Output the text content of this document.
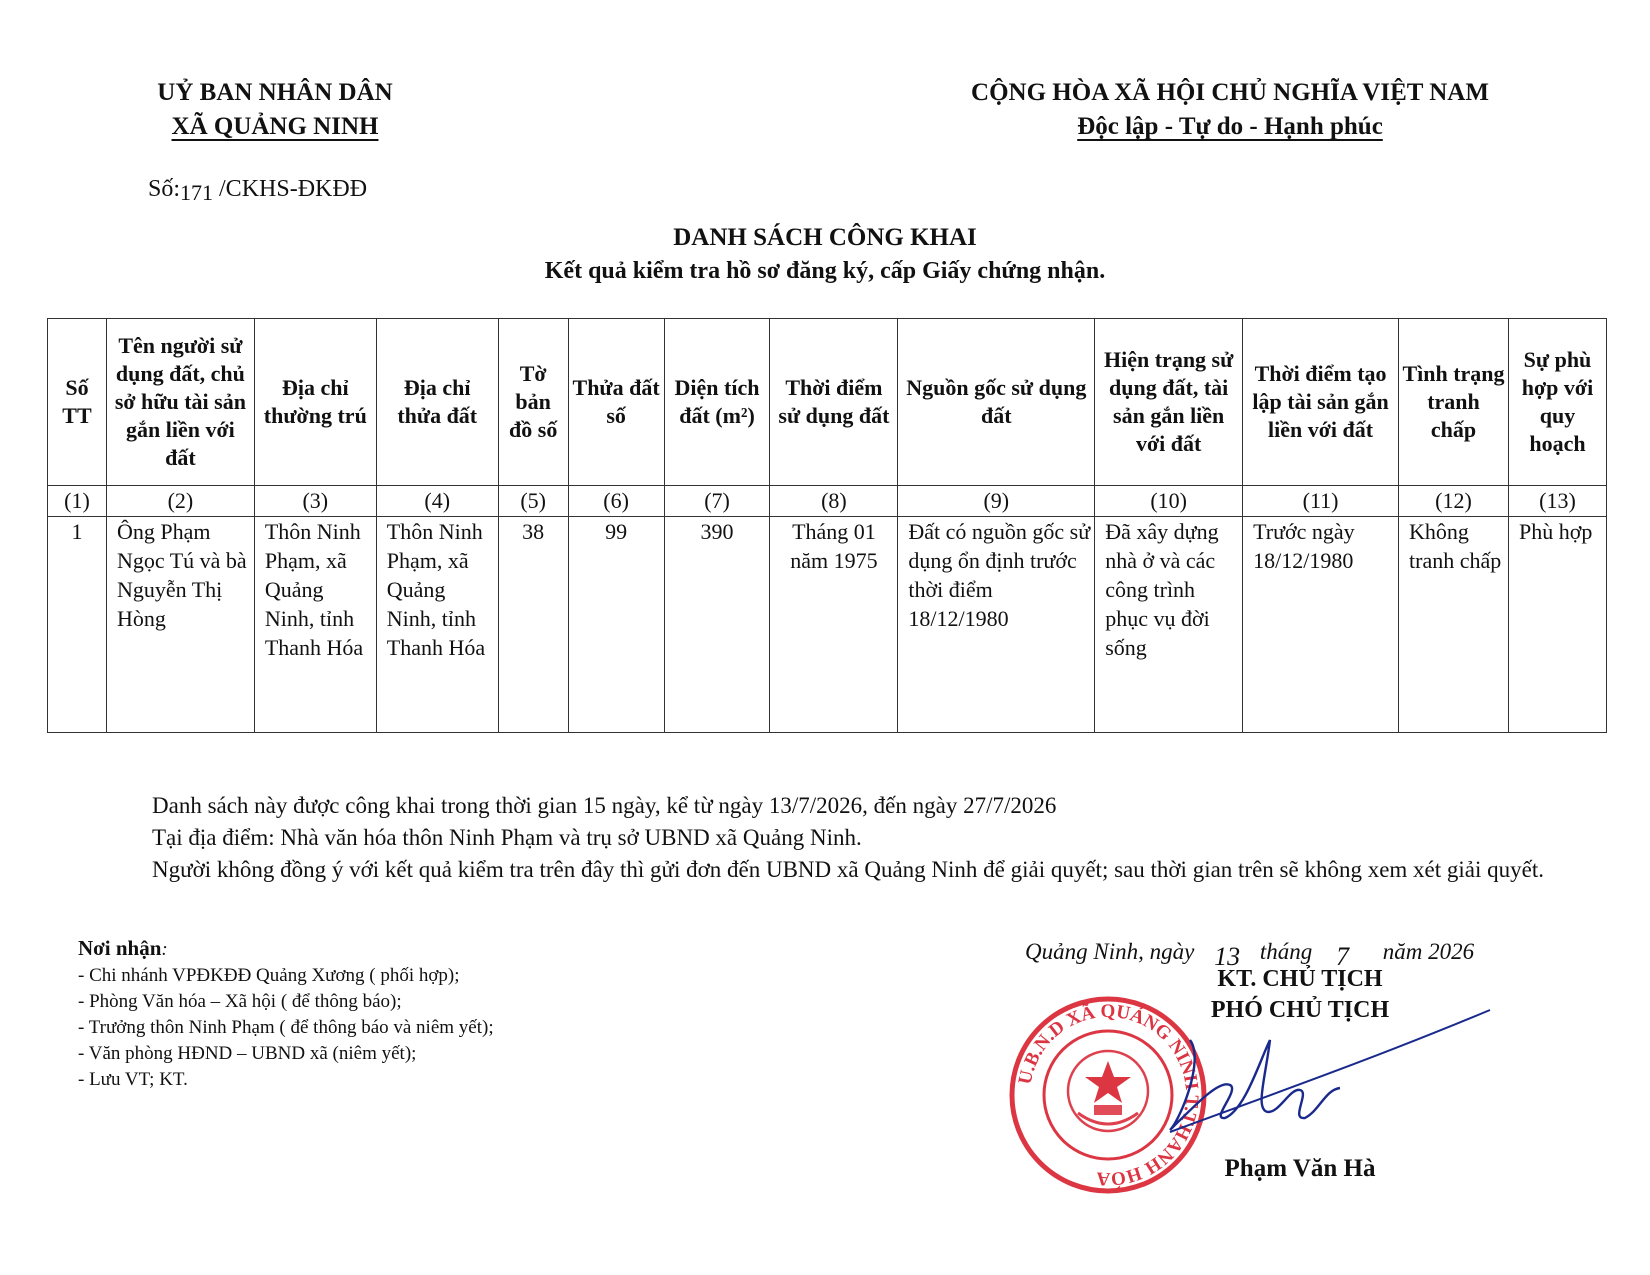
UỶ BAN NHÂN DÂN
XÃ QUẢNG NINH
CỘNG HÒA XÃ HỘI CHỦ NGHĨA VIỆT NAM
Độc lập - Tự do - Hạnh phúc
Số:171 /CKHS-ĐKĐĐ
DANH SÁCH CÔNG KHAI
Kết quả kiểm tra hồ sơ đăng ký, cấp Giấy chứng nhận.
Số TT	Tên người sử dụng đất, chủ sở hữu tài sản gắn liền với đất	Địa chỉ thường trú	Địa chỉ thửa đất	Tờ bản đồ số	Thửa đất số	Diện tích đất (m²)	Thời điểm sử dụng đất	Nguồn gốc sử dụng đất	Hiện trạng sử dụng đất, tài sản gắn liền với đất	Thời điểm tạo lập tài sản gắn liền với đất	Tình trạng tranh chấp	Sự phù hợp với quy hoạch
(1)	(2)	(3)	(4)	(5)	(6)	(7)	(8)	(9)	(10)	(11)	(12)	(13)
1	Ông Phạm Ngọc Tú và bà Nguyễn Thị Hòng	Thôn Ninh Phạm, xã Quảng Ninh, tỉnh Thanh Hóa	Thôn Ninh Phạm, xã Quảng Ninh, tỉnh Thanh Hóa	38	99	390	Tháng 01 năm 1975	Đất có nguồn gốc sử dụng ổn định trước thời điểm 18/12/1980	Đã xây dựng nhà ở và các công trình phục vụ đời sống	Trước ngày 18/12/1980	Không tranh chấp	Phù hợp
Danh sách này được công khai trong thời gian 15 ngày, kể từ ngày 13/7/2026, đến ngày 27/7/2026
Tại địa điểm: Nhà văn hóa thôn Ninh Phạm và trụ sở UBND xã Quảng Ninh.
Người không đồng ý với kết quả kiểm tra trên đây thì gửi đơn đến UBND xã Quảng Ninh để giải quyết; sau thời gian trên sẽ không xem xét giải quyết.
Nơi nhận:
- Chi nhánh VPĐKĐĐ Quảng Xương ( phối hợp);
- Phòng Văn hóa – Xã hội ( để thông báo);
- Trưởng thôn Ninh Phạm ( để thông báo và niêm yết);
- Văn phòng HĐND – UBND xã (niêm yết);
- Lưu VT; KT.
Quảng Ninh, ngày 13 tháng 7 năm 2026
KT. CHỦ TỊCH
PHÓ CHỦ TỊCH
U.B.N.D XÃ QUẢNG NINH T.THANH HÓA	Phạm Văn Hà
